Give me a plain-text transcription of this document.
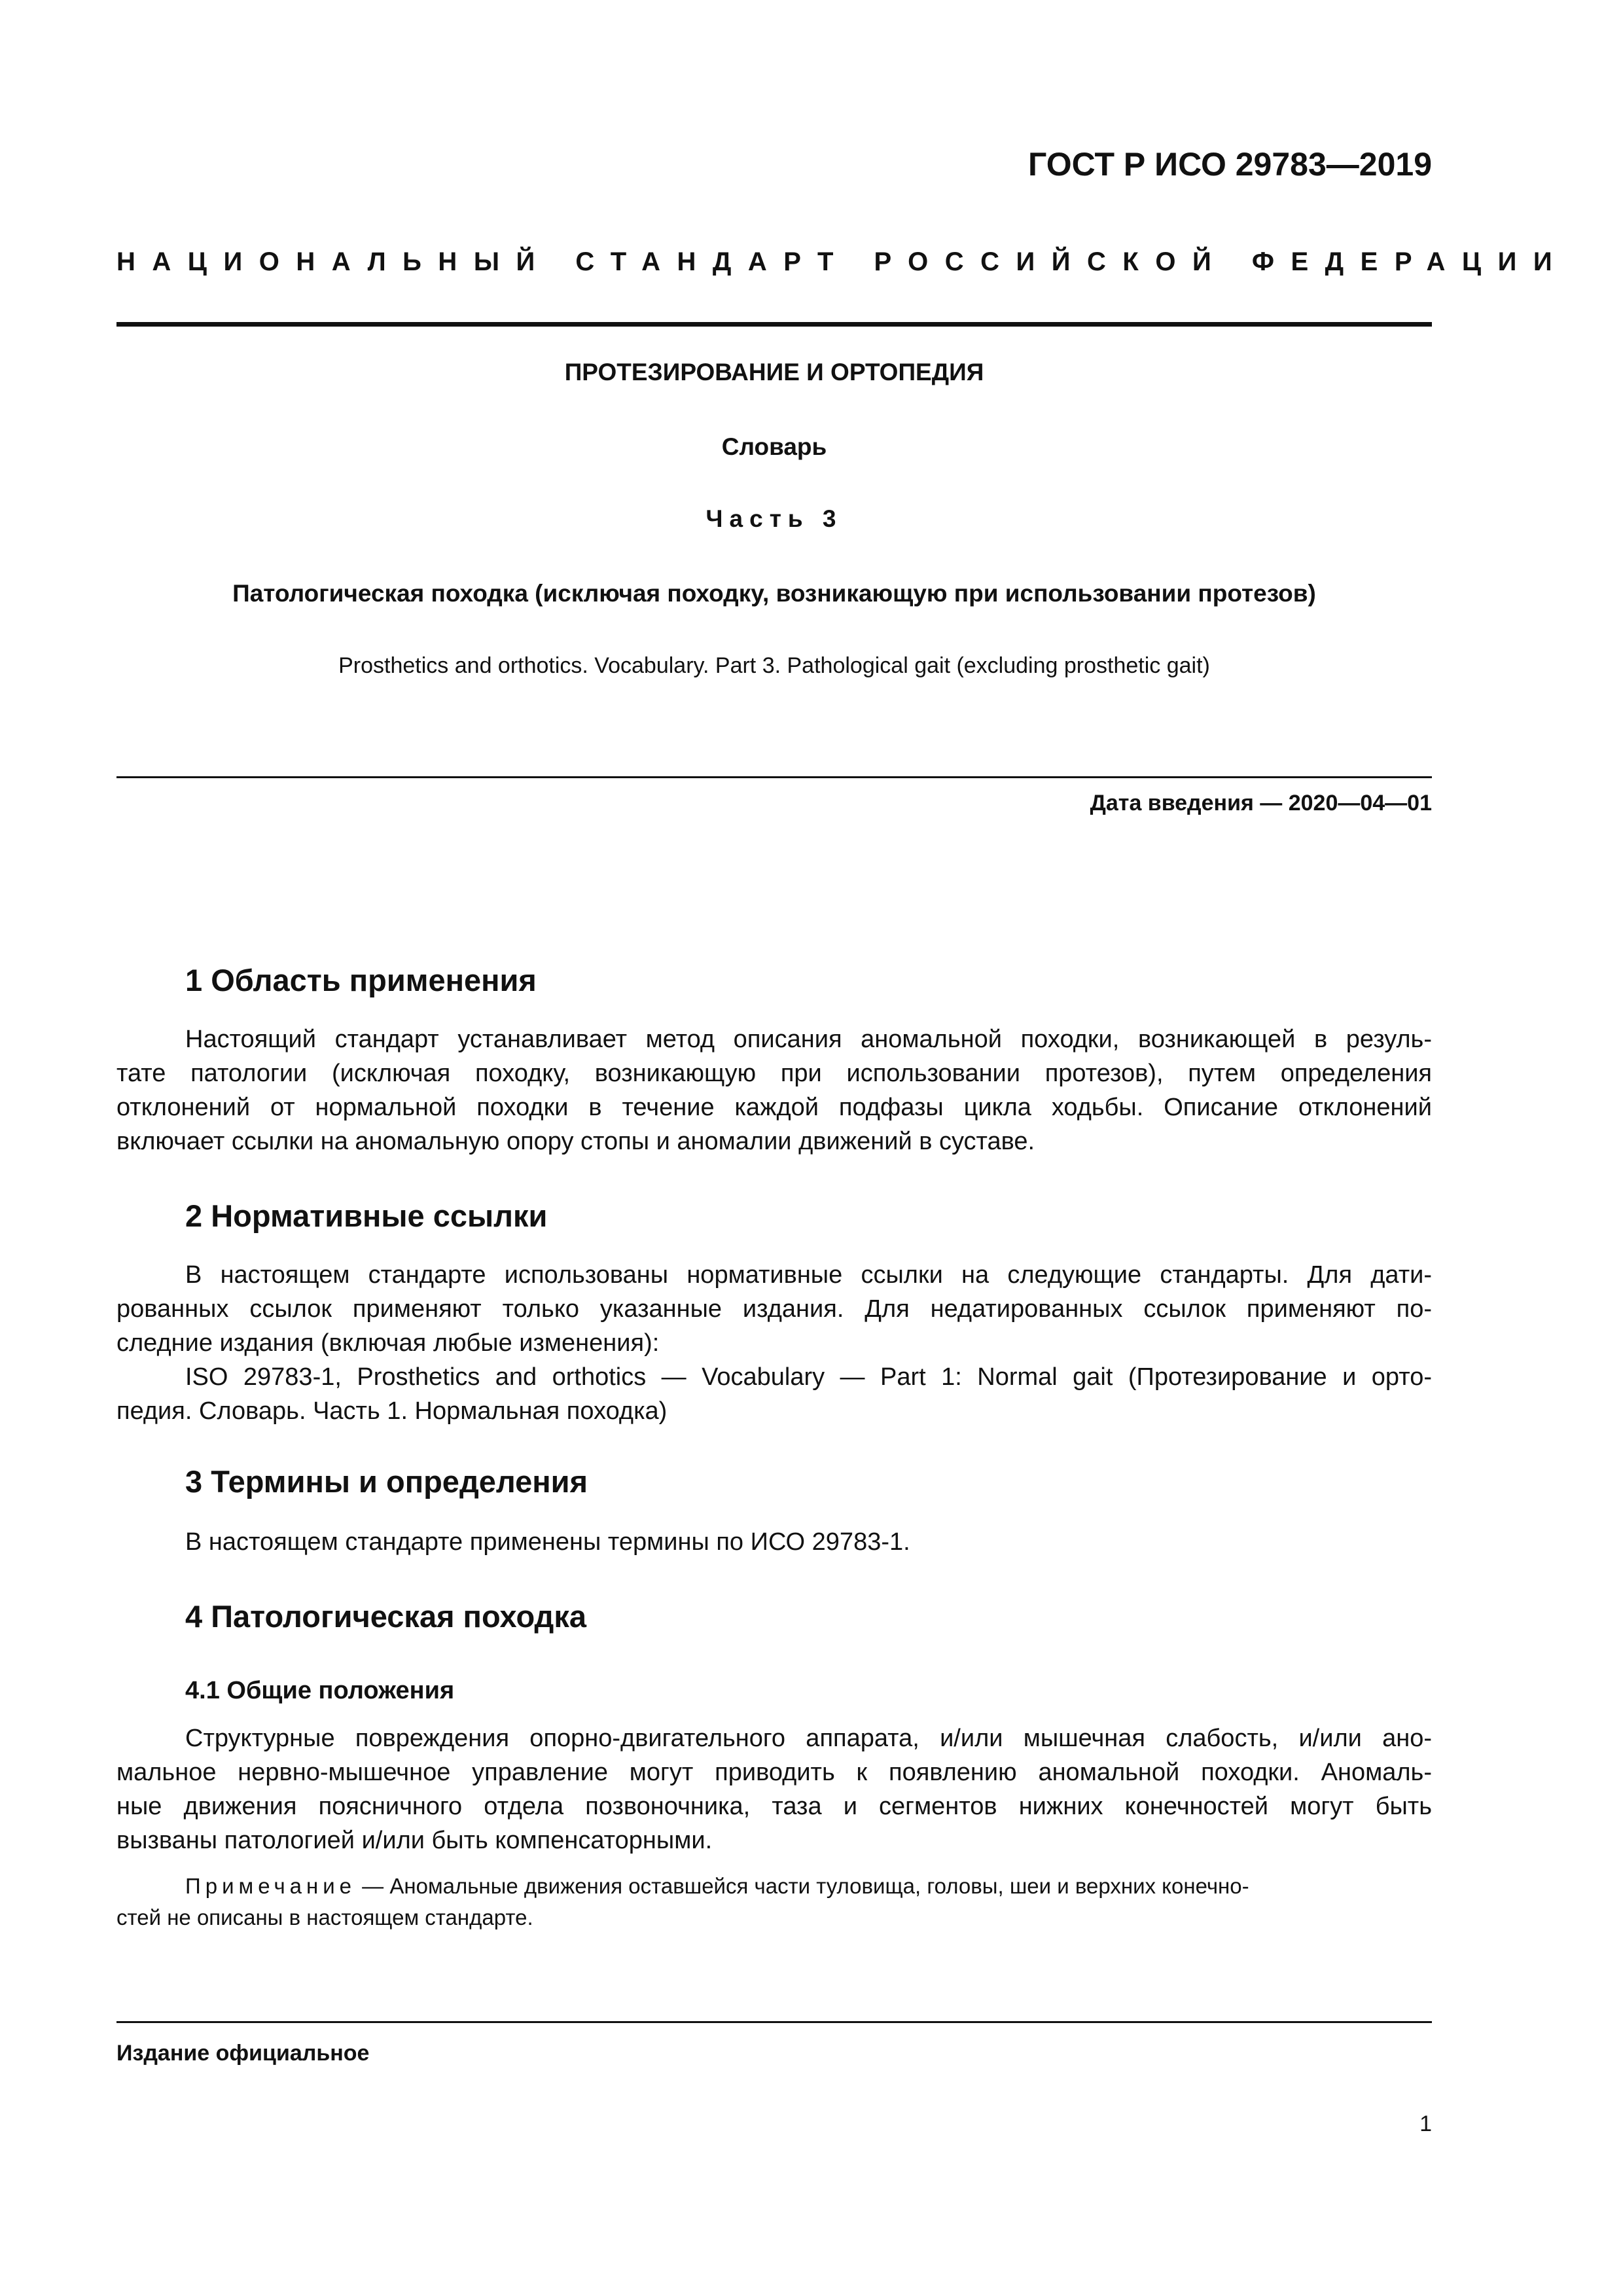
ГОСТ Р ИСО 29783—2019
НАЦИОНАЛЬНЫЙ СТАНДАРТ РОССИЙСКОЙ ФЕДЕРАЦИИ
ПРОТЕЗИРОВАНИЕ И ОРТОПЕДИЯ
Словарь
Часть 3
Патологическая походка (исключая походку, возникающую при использовании протезов)
Prosthetics and orthotics. Vocabulary. Part 3. Pathological gait (excluding prosthetic gait)
Дата введения — 2020—04—01
1 Область применения
Настоящий стандарт устанавливает метод описания аномальной походки, возникающей в резуль-
тате патологии (исключая походку, возникающую при использовании протезов), путем определения
отклонений от нормальной походки в течение каждой подфазы цикла ходьбы. Описание отклонений
включает ссылки на аномальную опору стопы и аномалии движений в суставе.
2 Нормативные ссылки
В настоящем стандарте использованы нормативные ссылки на следующие стандарты. Для дати-
рованных ссылок применяют только указанные издания. Для недатированных ссылок применяют по-
следние издания (включая любые изменения):
ISO 29783-1, Prosthetics and orthotics — Vocabulary — Part 1: Normal gait (Протезирование и орто-
педия. Словарь. Часть 1. Нормальная походка)
3 Термины и определения
В настоящем стандарте применены термины по ИСО 29783-1.
4 Патологическая походка
4.1 Общие положения
Структурные повреждения опорно-двигательного аппарата, и/или мышечная слабость, и/или ано-
мальное нервно-мышечное управление могут приводить к появлению аномальной походки. Аномаль-
ные движения поясничного отдела позвоночника, таза и сегментов нижних конечностей могут быть
вызваны патологией и/или быть компенсаторными.
Примечание — Аномальные движения оставшейся части туловища, головы, шеи и верхних конечно-
стей не описаны в настоящем стандарте.
Издание официальное
1
